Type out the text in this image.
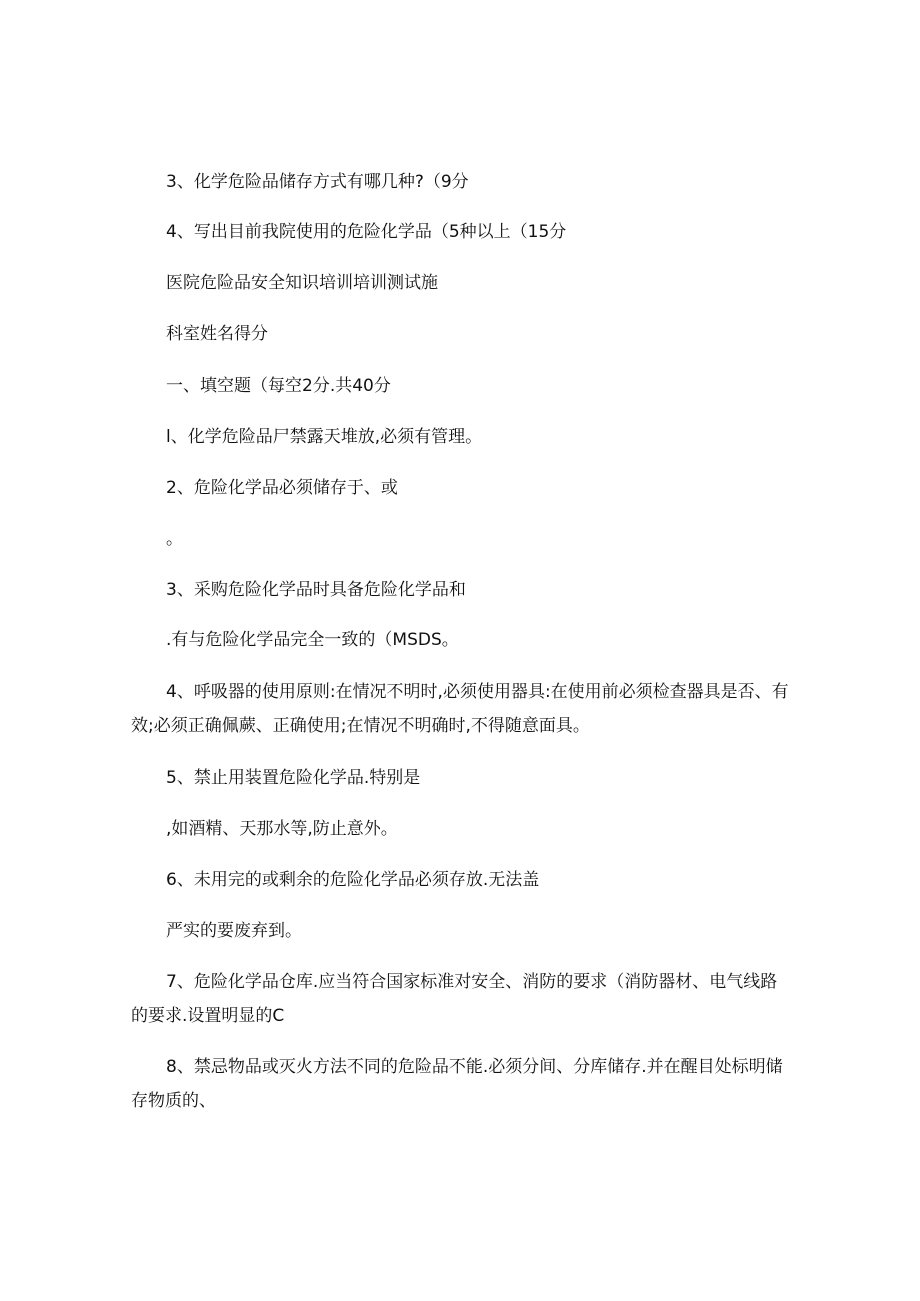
3、化学危险品储存方式有哪几种?（9分
4、写出目前我院使用的危险化学品（5种以上（15分
医院危险品安全知识培训培训测试施
科室姓名得分
一、填空题（每空2分.共40分
l、化学危险品尸禁露天堆放,必须有管理。
2、危险化学品必须储存于、或
。
3、采购危险化学品时具备危险化学品和
.有与危险化学品完全一致的（MSDS。
4、呼吸器的使用原则:在情况不明时,必须使用器具:在使用前必须检查器具是否、有
效;必须正确佩蕨、正确使用;在情况不明确时,不得随意面具。
5、禁止用装置危险化学品.特别是
,如酒精、天那水等,防止意外。
6、未用完的或剩余的危险化学品必须存放.无法盖
严实的要废弃到。
7、危险化学品仓库.应当符合国家标准对安全、消防的要求（消防器材、电气线路
的要求.设置明显的C
8、禁忌物品或灭火方法不同的危险品不能.必须分间、分库储存.并在醒目处标明储
存物质的、
